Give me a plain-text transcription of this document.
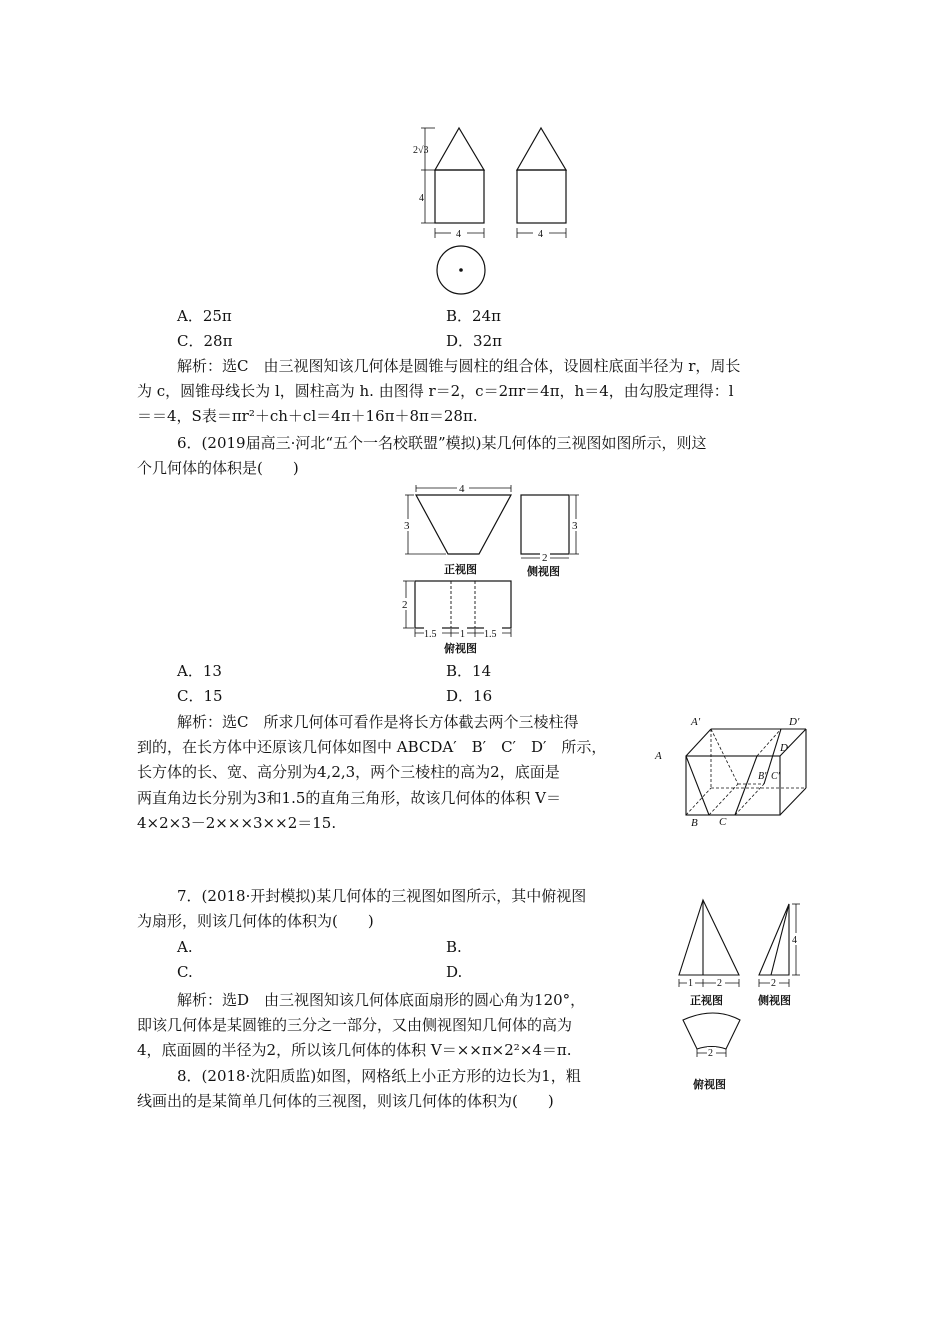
2√3
4
4	4
A．25π	B．24π
C．28π	D．32π
解析：选C　由三视图知该几何体是圆锥与圆柱的组合体，设圆柱底面半径为 r，周长
为 c，圆锥母线长为 l，圆柱高为 h. 由图得 r＝2，c＝2πr＝4π，h＝4，由勾股定理得：l
＝＝4，S表＝πr²＋ch＋cl＝4π＋16π＋8π＝28π.
6．(2019届高三·河北“五个一名校联盟”模拟)某几何体的三视图如图所示，则这
个几何体的体积是(　　)
4
3	3
2
正视图	侧视图
2
1.5 1 1.5
俯视图
A．13	B．14
C．15	D．16
解析：选C　所求几何体可看作是将长方体截去两个三棱柱得
到的，在长方体中还原该几何体如图中 ABCDA′　B′　C′　D′　所示，
长方体的长、宽、高分别为4,2,3，两个三棱柱的高为2，底面是
两直角边长分别为3和1.5的直角三角形，故该几何体的体积 V＝
4×2×3－2×××3××2＝15.
A′	D′
A
D
B′ C′
B C
7．(2018·开封模拟)某几何体的三视图如图所示，其中俯视图
为扇形，则该几何体的体积为(　　)
A.	B.
C.	D.
解析：选D　由三视图知该几何体底面扇形的圆心角为120°，
即该几何体是某圆锥的三分之一部分，又由侧视图知几何体的高为
4，底面圆的半径为2，所以该几何体的体积 V＝××π×2²×4＝π.
1 2
4
2
正视图	侧视图
2
俯视图
8．(2018·沈阳质监)如图，网格纸上小正方形的边长为1，粗
线画出的是某简单几何体的三视图，则该几何体的体积为(　　)
